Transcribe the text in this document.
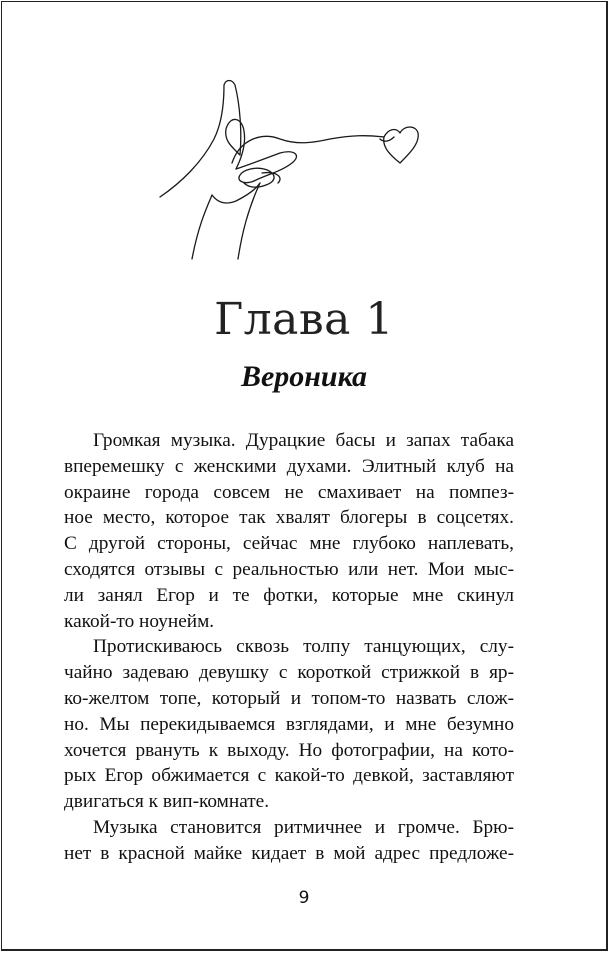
Глава 1
Вероника

Громкая музыка. Дурацкие басы и запах табака
вперемешку с женскими духами. Элитный клуб на
окраине города совсем не смахивает на помпез-
ное место, которое так хвалят блогеры в соцсетях.
С другой стороны, сейчас мне глубоко наплевать,
сходятся отзывы с реальностью или нет. Мои мыс-
ли занял Егор и те фотки, которые мне скинул
какой-то ноунейм.

Протискиваюсь сквозь толпу танцующих, слу-
чайно задеваю девушку с короткой стрижкой в яр-
ко-желтом топе, который и топом-то назвать слож-
но. Мы перекидываемся взглядами, и мне безумно
хочется рвануть к выходу. Но фотографии, на кото-
рых Егор обжимается с какой-то девкой, заставляют
двигаться к вип-комнате.

Музыка становится ритмичнее и громче. Брю-
нет в красной майке кидает в мой адрес предложе-

9
